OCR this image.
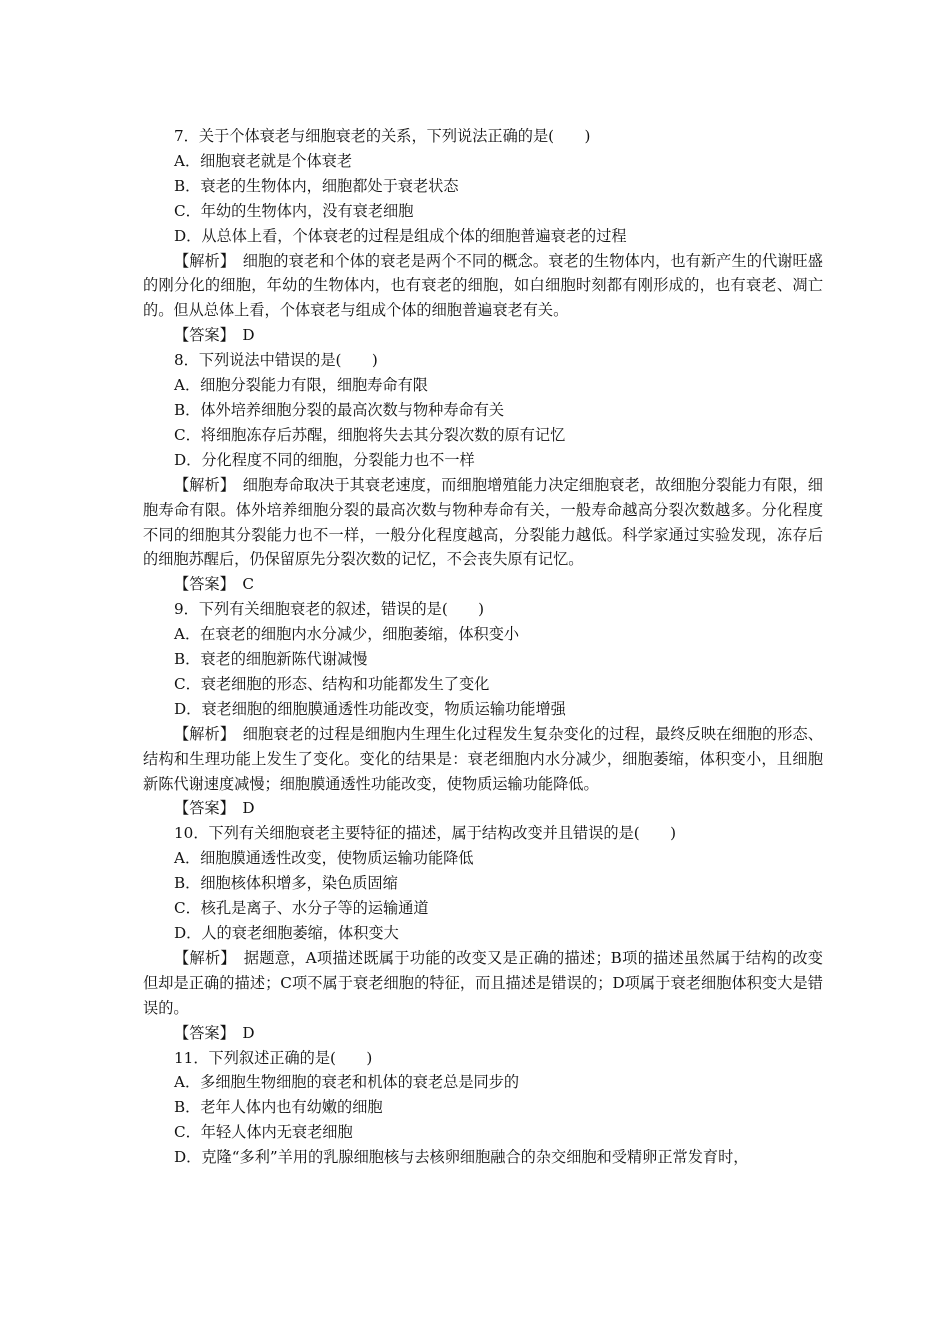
7．关于个体衰老与细胞衰老的关系，下列说法正确的是(　　)
A．细胞衰老就是个体衰老
B．衰老的生物体内，细胞都处于衰老状态
C．年幼的生物体内，没有衰老细胞
D．从总体上看，个体衰老的过程是组成个体的细胞普遍衰老的过程
【解析】　细胞的衰老和个体的衰老是两个不同的概念。衰老的生物体内，也有新产生的代谢旺盛的刚分化的细胞，年幼的生物体内，也有衰老的细胞，如白细胞时刻都有刚形成的，也有衰老、凋亡的。但从总体上看，个体衰老与组成个体的细胞普遍衰老有关。
【答案】　D
8．下列说法中错误的是(　　)
A．细胞分裂能力有限，细胞寿命有限
B．体外培养细胞分裂的最高次数与物种寿命有关
C．将细胞冻存后苏醒，细胞将失去其分裂次数的原有记忆
D．分化程度不同的细胞，分裂能力也不一样
【解析】　细胞寿命取决于其衰老速度，而细胞增殖能力决定细胞衰老，故细胞分裂能力有限，细胞寿命有限。体外培养细胞分裂的最高次数与物种寿命有关，一般寿命越高分裂次数越多。分化程度不同的细胞其分裂能力也不一样，一般分化程度越高，分裂能力越低。科学家通过实验发现，冻存后的细胞苏醒后，仍保留原先分裂次数的记忆，不会丧失原有记忆。
【答案】　C
9．下列有关细胞衰老的叙述，错误的是(　　)
A．在衰老的细胞内水分减少，细胞萎缩，体积变小
B．衰老的细胞新陈代谢减慢
C．衰老细胞的形态、结构和功能都发生了变化
D．衰老细胞的细胞膜通透性功能改变，物质运输功能增强
【解析】　细胞衰老的过程是细胞内生理生化过程发生复杂变化的过程，最终反映在细胞的形态、结构和生理功能上发生了变化。变化的结果是：衰老细胞内水分减少，细胞萎缩，体积变小，且细胞新陈代谢速度减慢；细胞膜通透性功能改变，使物质运输功能降低。
【答案】　D
10．下列有关细胞衰老主要特征的描述，属于结构改变并且错误的是(　　)
A．细胞膜通透性改变，使物质运输功能降低
B．细胞核体积增多，染色质固缩
C．核孔是离子、水分子等的运输通道
D．人的衰老细胞萎缩，体积变大
【解析】　据题意，A项描述既属于功能的改变又是正确的描述；B项的描述虽然属于结构的改变但却是正确的描述；C项不属于衰老细胞的特征，而且描述是错误的；D项属于衰老细胞体积变大是错误的。
【答案】　D
11．下列叙述正确的是(　　)
A．多细胞生物细胞的衰老和机体的衰老总是同步的
B．老年人体内也有幼嫩的细胞
C．年轻人体内无衰老细胞
D．克隆“多利”羊用的乳腺细胞核与去核卵细胞融合的杂交细胞和受精卵正常发育时，
